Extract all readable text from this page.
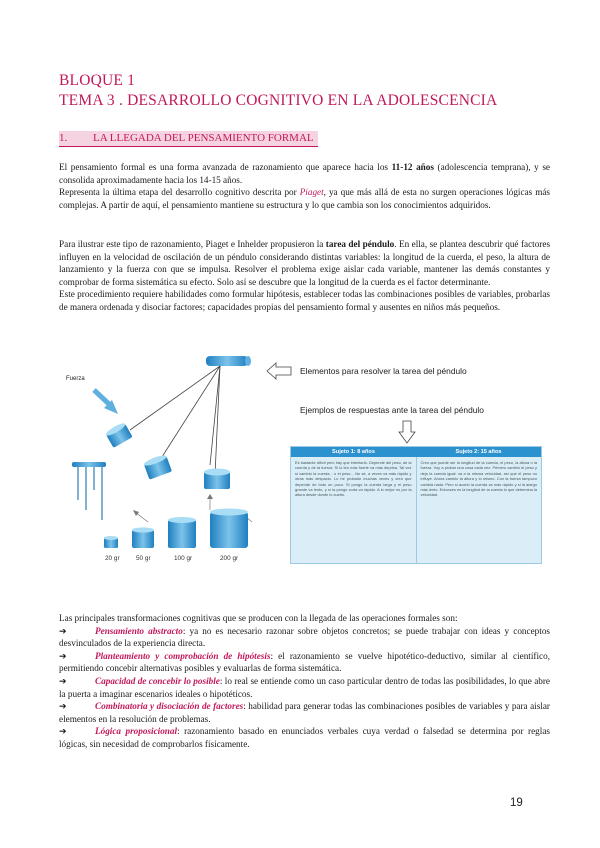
BLOQUE 1
TEMA 3 . DESARROLLO COGNITIVO EN LA ADOLESCENCIA
1. LA LLEGADA DEL PENSAMIENTO FORMAL

El pensamiento formal es una forma avanzada de razonamiento que aparece hacia los 11-12 años (adolescencia temprana), y se consolida aproximadamente hacia los 14-15 años.
Representa la última etapa del desarrollo cognitivo descrita por Piaget, ya que más allá de esta no surgen operaciones lógicas más complejas. A partir de aquí, el pensamiento mantiene su estructura y lo que cambia son los conocimientos adquiridos.

Para ilustrar este tipo de razonamiento, Piaget e Inhelder propusieron la tarea del péndulo. En ella, se plantea descubrir qué factores influyen en la velocidad de oscilación de un péndulo considerando distintas variables: la longitud de la cuerda, el peso, la altura de lanzamiento y la fuerza con que se impulsa. Resolver el problema exige aislar cada variable, mantener las demás constantes y comprobar de forma sistemática su efecto. Solo así se descubre que la longitud de la cuerda es el factor determinante.
Este procedimiento requiere habilidades como formular hipótesis, establecer todas las combinaciones posibles de variables, probarlas de manera ordenada y disociar factores; capacidades propias del pensamiento formal y ausentes en niños más pequeños.

Fuerza
20 gr	50 gr	100 gr	200 gr
Elementos para resolver la tarea del péndulo
Ejemplos de respuestas ante la tarea del péndulo
Sujeto 1: 8 años	Sujeto 2: 15 años
Es bastante difícil pero hay que intentarlo. Depende del peso, de la cuerda y de la fuerza. Si lo tiro más fuerte va más deprisa. Tal vez si cambio la cuerda... o el peso... No sé, a veces va más rápido y otras más despacio. Lo he probado muchas veces y creo que depende de todo un poco. Si pongo la cuerda larga y el peso grande va lento, y si la pongo corta va rápido. A lo mejor es por la altura desde donde lo suelto.
Creo que puede ser la longitud de la cuerda, el peso, la altura o la fuerza. Voy a probar una cosa cada vez. Primero cambio el peso y dejo la cuerda igual: va a la misma velocidad, así que el peso no influye. Ahora cambio la altura y lo mismo. Con la fuerza tampoco cambia nada. Pero si acorto la cuerda va más rápido y si la alargo más lento. Entonces es la longitud de la cuerda lo que determina la velocidad.

Las principales transformaciones cognitivas que se producen con la llegada de las operaciones formales son:

➔	Pensamiento abstracto: ya no es necesario razonar sobre objetos concretos; se puede trabajar con ideas y conceptos desvinculados de la experiencia directa.

➔	Planteamiento y comprobación de hipótesis: el razonamiento se vuelve hipotético-deductivo, similar al científico, permitiendo concebir alternativas posibles y evaluarlas de forma sistemática.

➔	Capacidad de concebir lo posible: lo real se entiende como un caso particular dentro de todas las posibilidades, lo que abre la puerta a imaginar escenarios ideales o hipotéticos.

➔	Combinatoria y disociación de factores: habilidad para generar todas las combinaciones posibles de variables y para aislar elementos en la resolución de problemas.

➔	Lógica proposicional: razonamiento basado en enunciados verbales cuya verdad o falsedad se determina por reglas lógicas, sin necesidad de comprobarlos físicamente.

19
